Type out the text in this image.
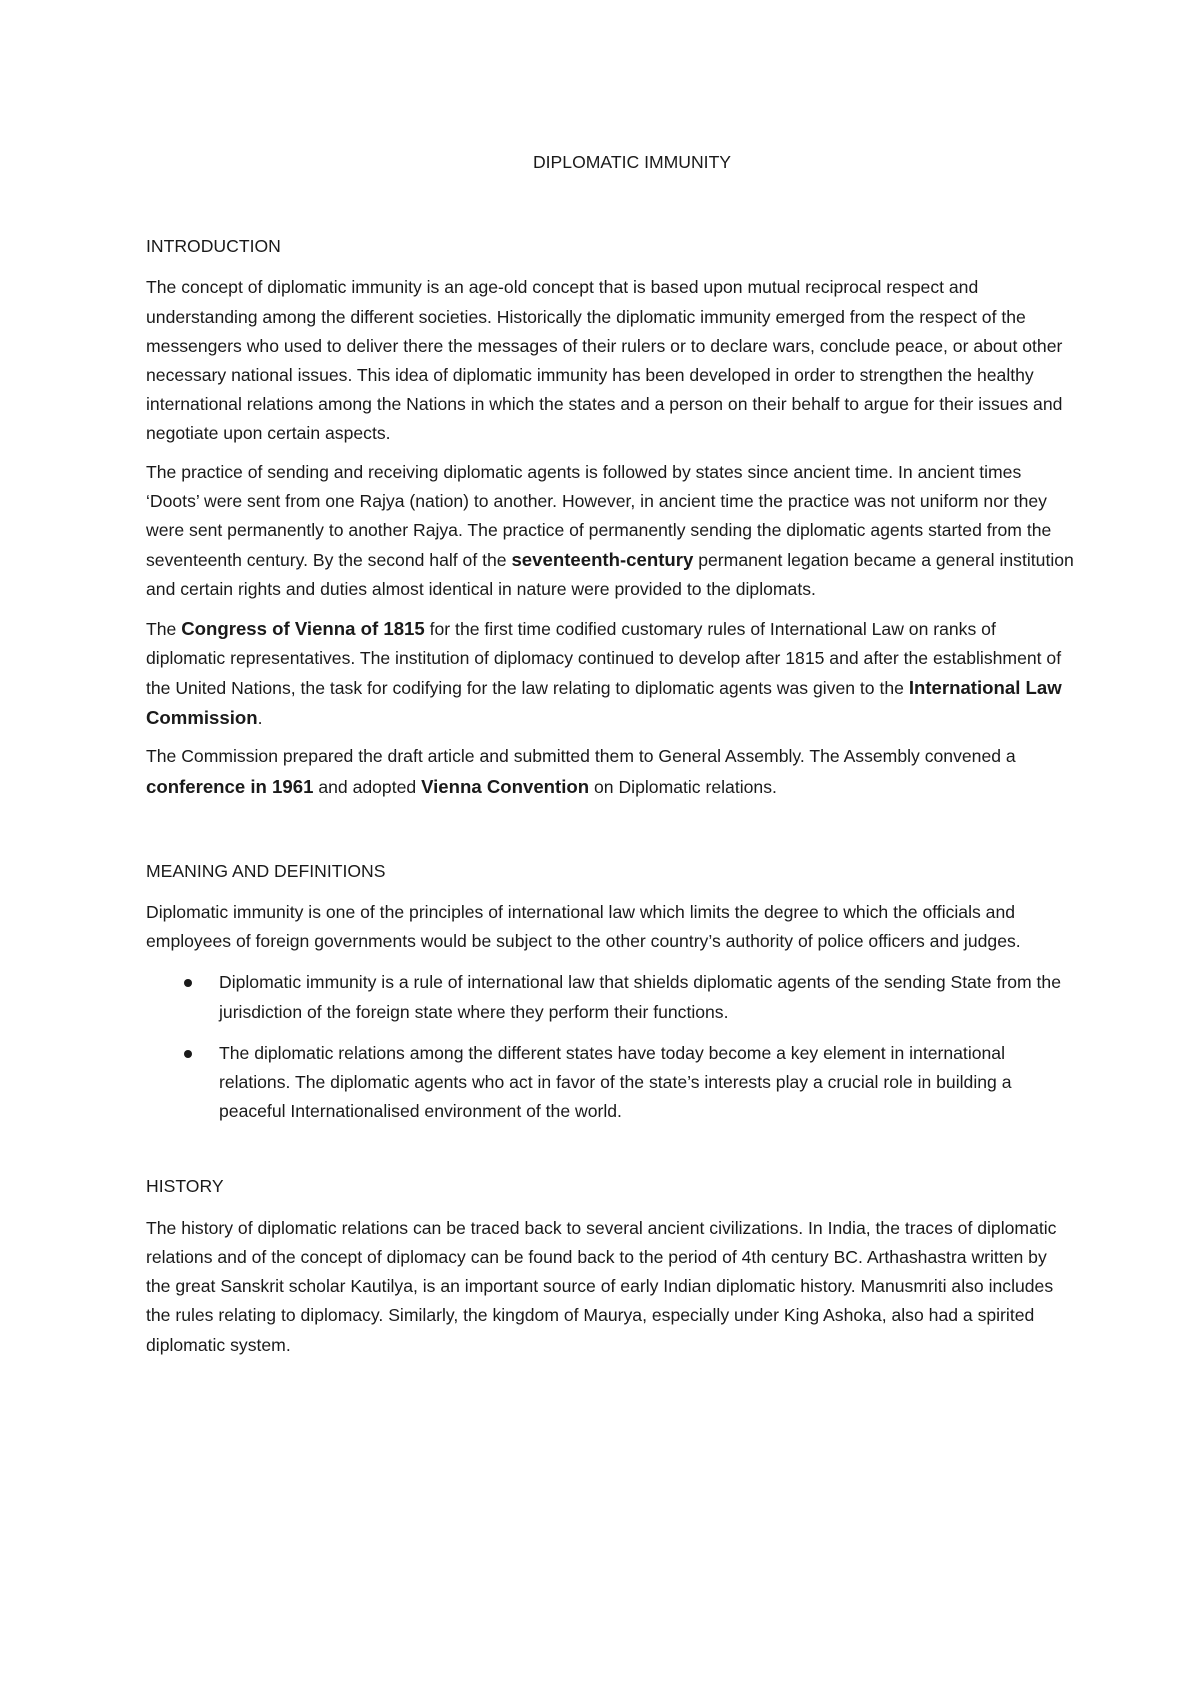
DIPLOMATIC IMMUNITY
INTRODUCTION

The concept of diplomatic immunity is an age-old concept that is based upon mutual reciprocal respect and understanding among the different societies. Historically the diplomatic immunity emerged from the respect of the messengers who used to deliver there the messages of their rulers or to declare wars, conclude peace, or about other necessary national issues. This idea of diplomatic immunity has been developed in order to strengthen the healthy international relations among the Nations in which the states and a person on their behalf to argue for their issues and negotiate upon certain aspects.

The practice of sending and receiving diplomatic agents is followed by states since ancient time. In ancient times ‘Doots’ were sent from one Rajya (nation) to another. However, in ancient time the practice was not uniform nor they were sent permanently to another Rajya. The practice of permanently sending the diplomatic agents started from the seventeenth century. By the second half of the seventeenth-century permanent legation became a general institution and certain rights and duties almost identical in nature were provided to the diplomats.

The Congress of Vienna of 1815 for the first time codified customary rules of International Law on ranks of diplomatic representatives. The institution of diplomacy continued to develop after 1815 and after the establishment of the United Nations, the task for codifying for the law relating to diplomatic agents was given to the International Law Commission.

The Commission prepared the draft article and submitted them to General Assembly. The Assembly convened a conference in 1961 and adopted Vienna Convention on Diplomatic relations.

MEANING AND DEFINITIONS

Diplomatic immunity is one of the principles of international law which limits the degree to which the officials and employees of foreign governments would be subject to the other country’s authority of police officers and judges.

Diplomatic immunity is a rule of international law that shields diplomatic agents of the sending State from the jurisdiction of the foreign state where they perform their functions.
The diplomatic relations among the different states have today become a key element in international relations. The diplomatic agents who act in favor of the state’s interests play a crucial role in building a peaceful Internationalised environment of the world.
HISTORY

The history of diplomatic relations can be traced back to several ancient civilizations. In India, the traces of diplomatic relations and of the concept of diplomacy can be found back to the period of 4th century BC. Arthashastra written by the great Sanskrit scholar Kautilya, is an important source of early Indian diplomatic history. Manusmriti also includes the rules relating to diplomacy. Similarly, the kingdom of Maurya, especially under King Ashoka, also had a spirited diplomatic system.
